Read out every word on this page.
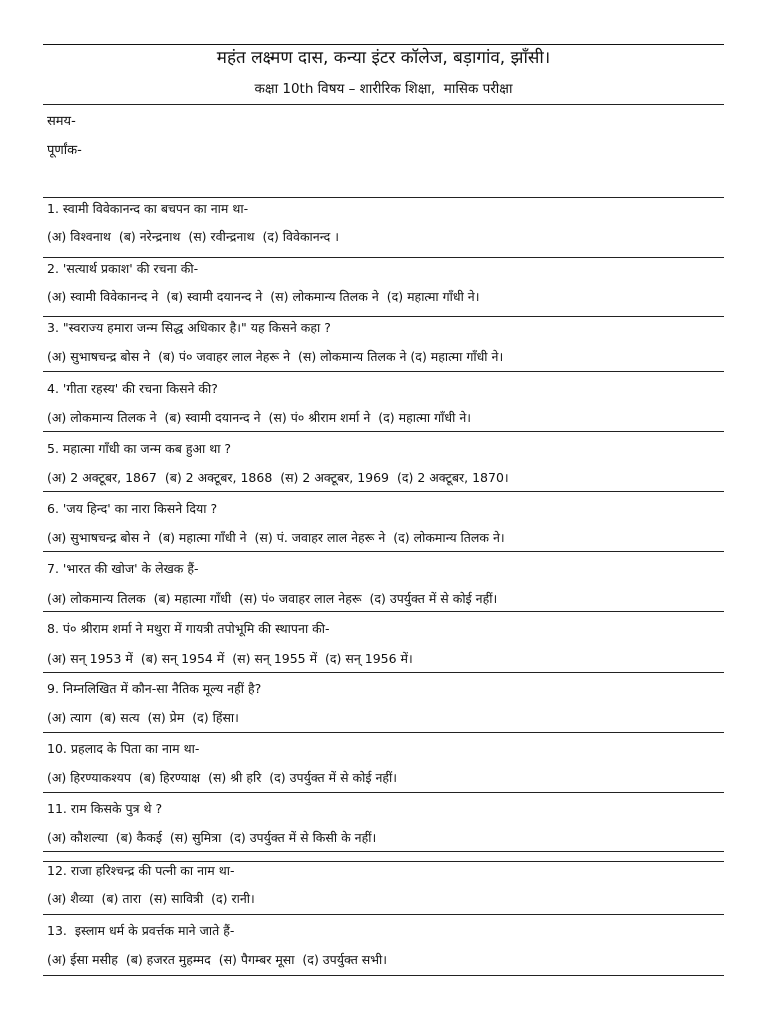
महंत लक्ष्मण दास, कन्या इंटर कॉलेज, बड़ागांव, झाँसी।
कक्षा 10th विषय – शारीरिक शिक्षा,  मासिक परीक्षा
समय-
पूर्णांक-
1. स्वामी विवेकानन्द का बचपन का नाम था-
(अ) विश्वनाथ  (ब) नरेन्द्रनाथ  (स) रवीन्द्रनाथ  (द) विवेकानन्द ।
2. 'सत्यार्थ प्रकाश' की रचना की-
(अ) स्वामी विवेकानन्द ने  (ब) स्वामी दयानन्द ने  (स) लोकमान्य तिलक ने  (द) महात्मा गाँधी ने।
3. "स्वराज्य हमारा जन्म सिद्ध अधिकार है।" यह किसने कहा ?
(अ) सुभाषचन्द्र बोस ने  (ब) पं० जवाहर लाल नेहरू ने  (स) लोकमान्य तिलक ने (द) महात्मा गाँधी ने।
4. 'गीता रहस्य' की रचना किसने की?
(अ) लोकमान्य तिलक ने  (ब) स्वामी दयानन्द ने  (स) पं० श्रीराम शर्मा ने  (द) महात्मा गाँधी ने।
5. महात्मा गाँधी का जन्म कब हुआ था ?
(अ) 2 अक्टूबर, 1867  (ब) 2 अक्टूबर, 1868  (स) 2 अक्टूबर, 1969  (द) 2 अक्टूबर, 1870।
6. 'जय हिन्द' का नारा किसने दिया ?
(अ) सुभाषचन्द्र बोस ने  (ब) महात्मा गाँधी ने  (स) पं. जवाहर लाल नेहरू ने  (द) लोकमान्य तिलक ने।
7. 'भारत की खोज' के लेखक हैं-
(अ) लोकमान्य तिलक  (ब) महात्मा गाँधी  (स) पं० जवाहर लाल नेहरू  (द) उपर्युक्त में से कोई नहीं।
8. पं० श्रीराम शर्मा ने मथुरा में गायत्री तपोभूमि की स्थापना की-
(अ) सन् 1953 में  (ब) सन् 1954 में  (स) सन् 1955 में  (द) सन् 1956 में।
9. निम्नलिखित में कौन-सा नैतिक मूल्य नहीं है?
(अ) त्याग  (ब) सत्य  (स) प्रेम  (द) हिंसा।
10. प्रहलाद के पिता का नाम था-
(अ) हिरण्याकश्यप  (ब) हिरण्याक्ष  (स) श्री हरि  (द) उपर्युक्त में से कोई नहीं।
11. राम किसके पुत्र थे ?
(अ) कौशल्या  (ब) कैकई  (स) सुमित्रा  (द) उपर्युक्त में से किसी के नहीं।
12. राजा हरिश्चन्द्र की पत्नी का नाम था-
(अ) शैव्या  (ब) तारा  (स) सावित्री  (द) रानी।
13.  इस्लाम धर्म के प्रवर्त्तक माने जाते हैं-
(अ) ईसा मसीह  (ब) हजरत मुहम्मद  (स) पैगम्बर मूसा  (द) उपर्युक्त सभी।
